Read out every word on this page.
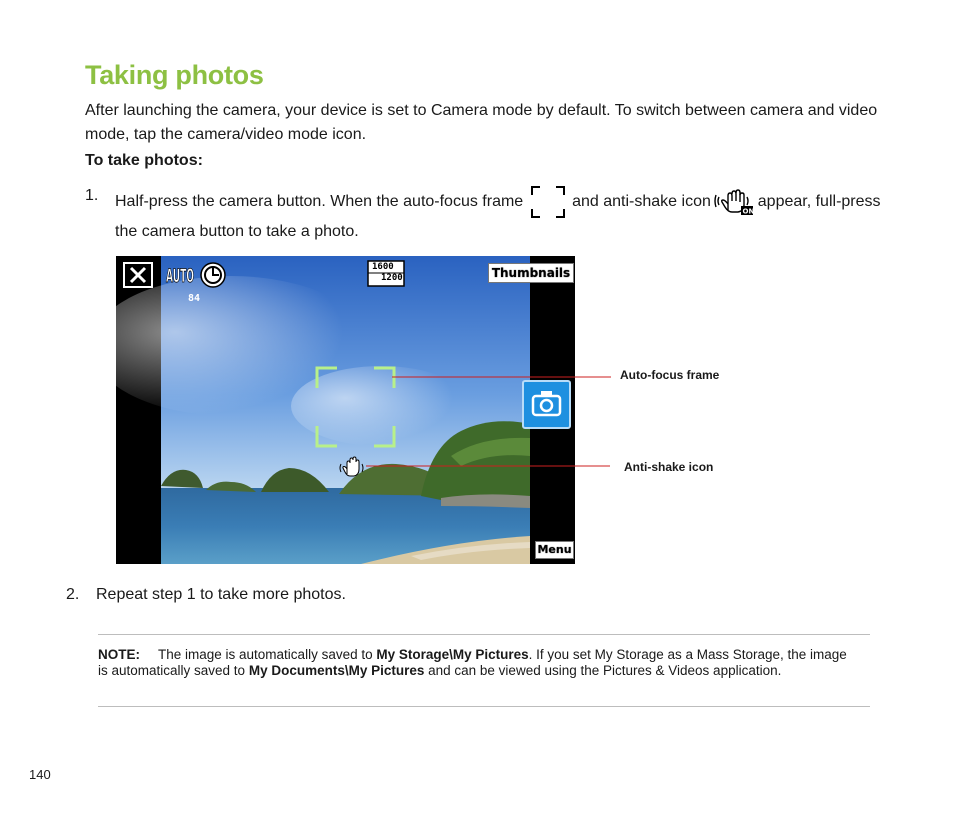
Taking photos

After launching the camera, your device is set to Camera mode by default. To switch between camera and video mode, tap the camera/video mode icon.

To take photos:

1. Half-press the camera button. When the auto-focus frame	and anti-shake icon
ON
appear, full-press the camera button to take a photo.
AUTO
84
1600
1200	Thumbnails
Menu
Auto-focus frame
Anti-shake icon
2. Repeat step 1 to take more photos.
NOTE: The image is automatically saved to My Storage\My Pictures. If you set My Storage as a Mass Storage, the image is automatically saved to My Documents\My Pictures and can be viewed using the Pictures & Videos application.
140
